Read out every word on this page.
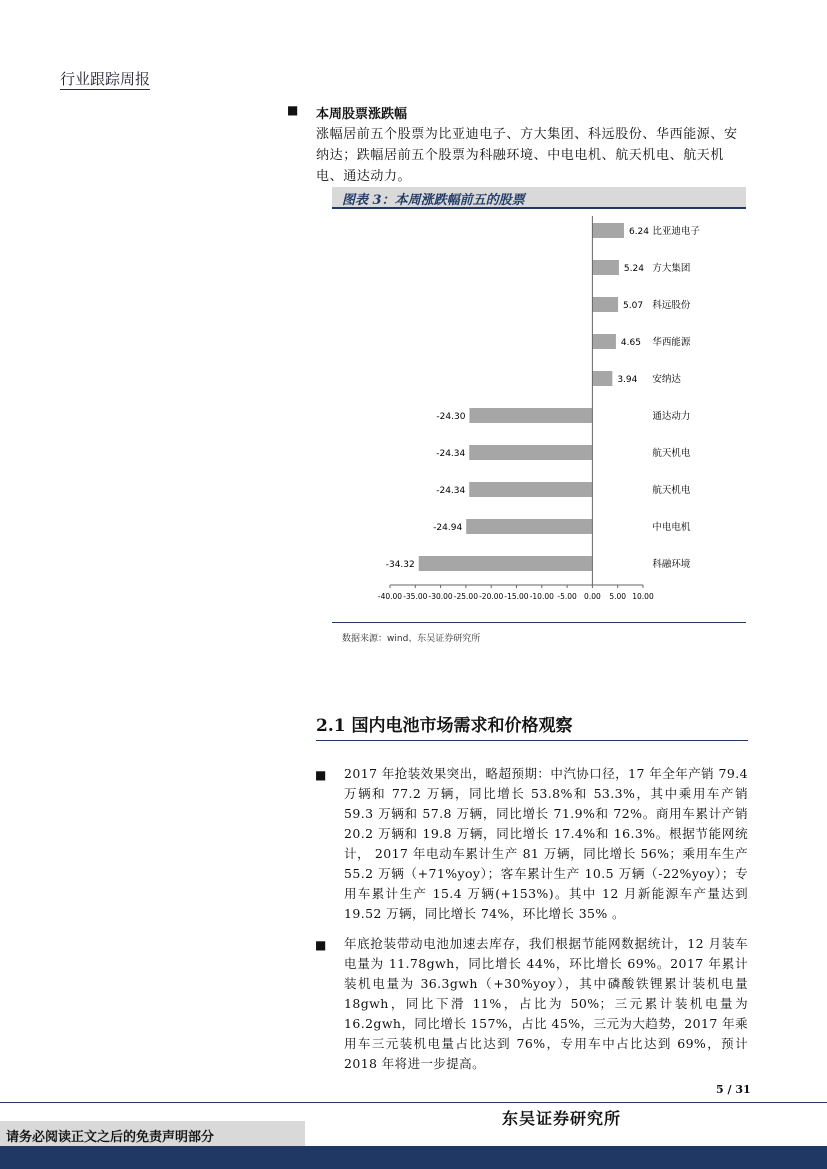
行业跟踪周报
■ 本周股票涨跌幅
涨幅居前五个股票为比亚迪电子、方大集团、科远股份、华西能源、安纳达；跌幅居前五个股票为科融环境、中电电机、航天机电、航天机电、通达动力。
图表 3：本周涨跌幅前五的股票
6.24 比亚迪电子
5.24 方大集团
5.07 科远股份
4.65 华西能源
3.94 安纳达
-24.30	通达动力
-24.34	航天机电
-24.34	航天机电
-24.94	中电电机
-34.32	科融环境
-40.00 -35.00 -30.00 -25.00 -20.00 -15.00 -10.00 -5.00 0.00 5.00 10.00
数据来源：wind、东吴证券研究所
2.1 国内电池市场需求和价格观察
■ 2017 年抢装效果突出，略超预期：中汽协口径，17 年全年产销 79.4 万辆和 77.2 万辆，同比增长 53.8%和 53.3%，其中乘用车产销 59.3 万辆和 57.8 万辆，同比增长 71.9%和 72%。商用车累计产销 20.2 万辆和 19.8 万辆，同比增长 17.4%和 16.3%。根据节能网统计， 2017 年电动车累计生产 81 万辆，同比增长 56%；乘用车生产 55.2 万辆（+71%yoy）；客车累计生产 10.5 万辆（-22%yoy）；专用车累计生产 15.4 万辆(+153%)。其中 12 月新能源车产量达到 19.52 万辆，同比增长 74%，环比增长 35% 。
■ 年底抢装带动电池加速去库存，我们根据节能网数据统计，12 月装车电量为 11.78gwh，同比增长 44%，环比增长 69%。2017 年累计装机电量为 36.3gwh（+30%yoy），其中磷酸铁锂累计装机电量 18gwh，同比下滑 11%，占比为 50%；三元累计装机电量为 16.2gwh，同比增长 157%，占比 45%，三元为大趋势，2017 年乘用车三元装机电量占比达到 76%，专用车中占比达到 69%，预计 2018 年将进一步提高。
5 / 31
东吴证券研究所
请务必阅读正文之后的免责声明部分
